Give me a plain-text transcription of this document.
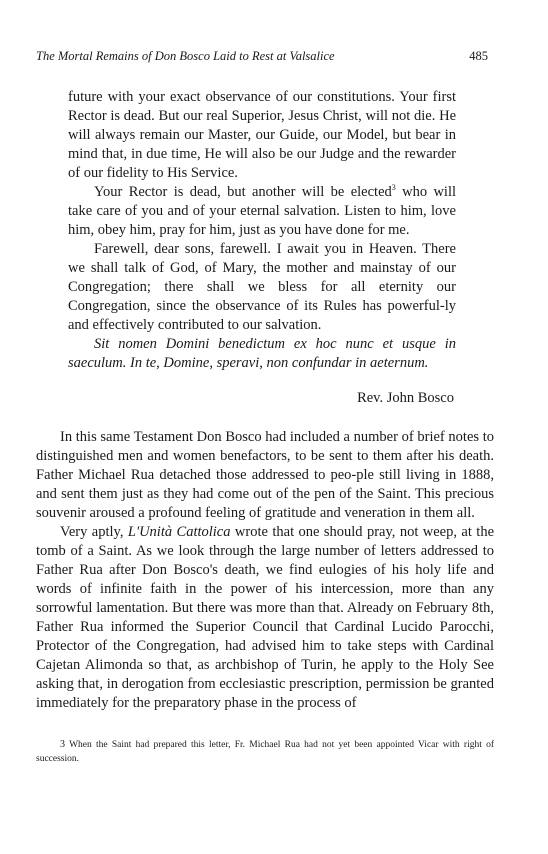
The Mortal Remains of Don Bosco Laid to Rest at Valsalice	485

future with your exact observance of our constitutions. Your first Rector is dead. But our real Superior, Jesus Christ, will not die. He will always remain our Master, our Guide, our Model, but bear in mind that, in due time, He will also be our Judge and the rewarder of our fidelity to His Service.

Your Rector is dead, but another will be elected$^3$ who will take care of you and of your eternal salvation. Listen to him, love him, obey him, pray for him, just as you have done for me.

Farewell, dear sons, farewell. I await you in Heaven. There we shall talk of God, of Mary, the mother and mainstay of our Congregation; there shall we bless for all eternity our Congregation, since the observance of its Rules has powerful-ly and effectively contributed to our salvation.

Sit nomen Domini benedictum ex hoc nunc et usque in saeculum. In te, Domine, speravi, non confundar in aeternum.

Rev. John Bosco

In this same Testament Don Bosco had included a number of brief notes to distinguished men and women benefactors, to be sent to them after his death. Father Michael Rua detached those addressed to peo-ple still living in 1888, and sent them just as they had come out of the pen of the Saint. This precious souvenir aroused a profound feeling of gratitude and veneration in them all.

Very aptly, L'Unità Cattolica wrote that one should pray, not weep, at the tomb of a Saint. As we look through the large number of letters addressed to Father Rua after Don Bosco's death, we find eulogies of his holy life and words of infinite faith in the power of his intercession, more than any sorrowful lamentation. But there was more than that. Already on February 8th, Father Rua informed the Superior Council that Cardinal Lucido Parocchi, Protector of the Congregation, had advised him to take steps with Cardinal Cajetan Alimonda so that, as archbishop of Turin, he apply to the Holy See asking that, in derogation from ecclesiastic prescription, permission be granted immediately for the preparatory phase in the process of

3 When the Saint had prepared this letter, Fr. Michael Rua had not yet been appointed Vicar with right of succession.
